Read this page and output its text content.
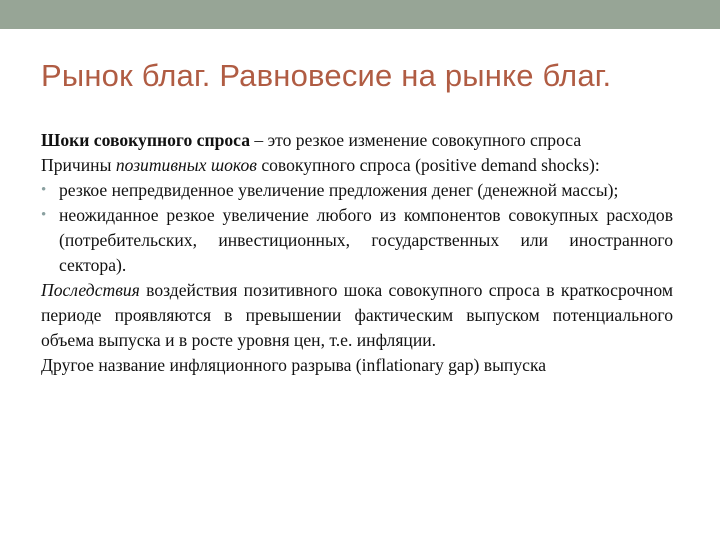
Рынок благ. Равновесие на рынке благ.
Шоки совокупного спроса – это резкое изменение совокупного спроса
Причины позитивных шоков совокупного спроса (positive demand shocks):
• резкое непредвиденное увеличение предложения денег (денежной массы);
• неожиданное резкое увеличение любого из компонентов совокупных расходов (потребительских, инвестиционных, государственных или иностранного сектора).
Последствия воздействия позитивного шока совокупного спроса в краткосрочном периоде проявляются в превышении фактическим выпуском потенциального объема выпуска и в росте уровня цен, т.е. инфляции.
Другое название инфляционного разрыва (inflationary gap) выпуска
